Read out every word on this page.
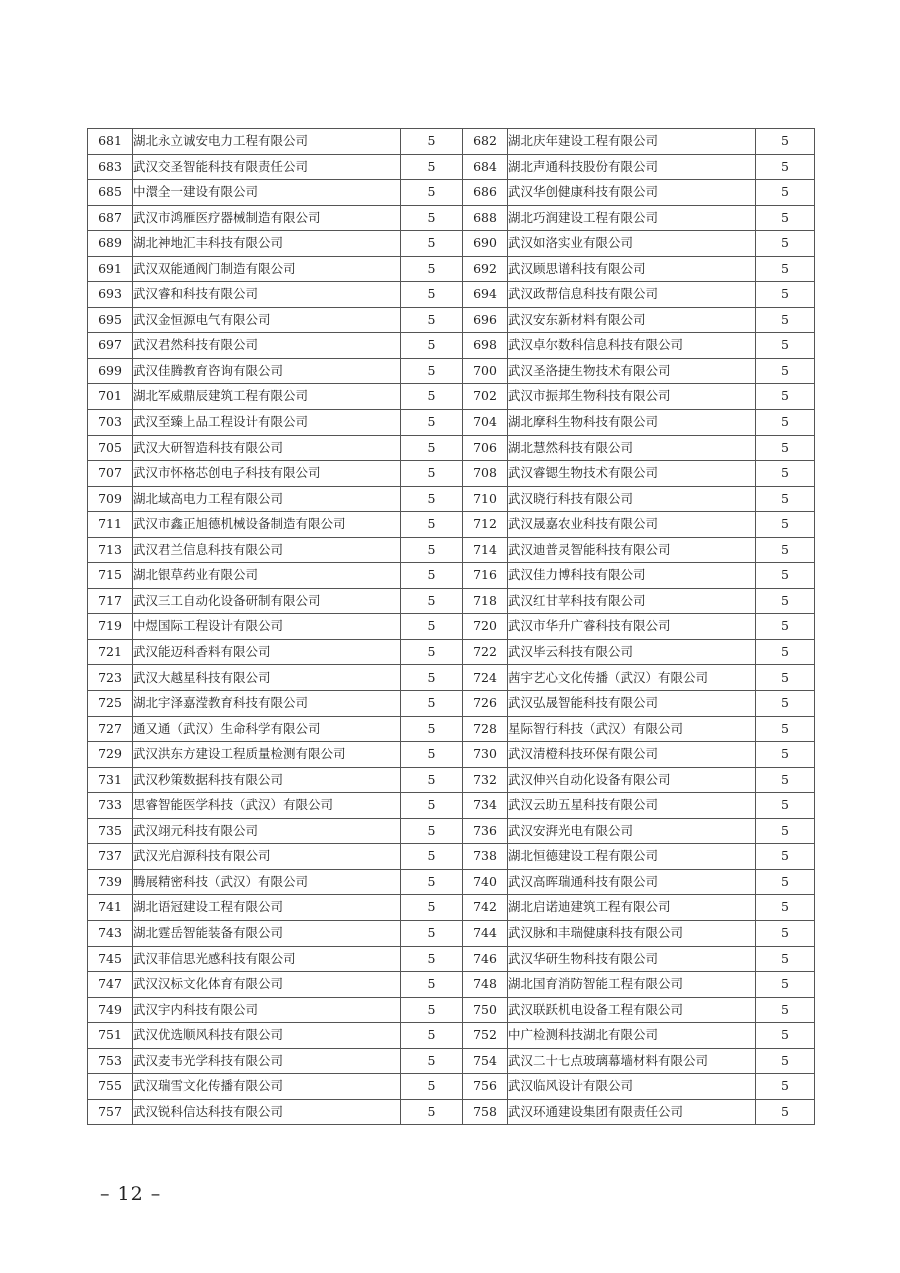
681	湖北永立诚安电力工程有限公司	5	682	湖北庆年建设工程有限公司	5
683	武汉交圣智能科技有限责任公司	5	684	湖北声通科技股份有限公司	5
685	中澴全一建设有限公司	5	686	武汉华创健康科技有限公司	5
687	武汉市鸿雁医疗器械制造有限公司	5	688	湖北巧润建设工程有限公司	5
689	湖北神地汇丰科技有限公司	5	690	武汉如洛实业有限公司	5
691	武汉双能通阀门制造有限公司	5	692	武汉顾思谱科技有限公司	5
693	武汉睿和科技有限公司	5	694	武汉政帮信息科技有限公司	5
695	武汉金恒源电气有限公司	5	696	武汉安东新材料有限公司	5
697	武汉君然科技有限公司	5	698	武汉卓尔数科信息科技有限公司	5
699	武汉佳腾教育咨询有限公司	5	700	武汉圣洛捷生物技术有限公司	5
701	湖北军威鼎辰建筑工程有限公司	5	702	武汉市振邦生物科技有限公司	5
703	武汉至臻上品工程设计有限公司	5	704	湖北摩科生物科技有限公司	5
705	武汉大研智造科技有限公司	5	706	湖北慧然科技有限公司	5
707	武汉市怀格芯创电子科技有限公司	5	708	武汉睿锶生物技术有限公司	5
709	湖北域高电力工程有限公司	5	710	武汉晓行科技有限公司	5
711	武汉市鑫正旭德机械设备制造有限公司	5	712	武汉晟嘉农业科技有限公司	5
713	武汉君兰信息科技有限公司	5	714	武汉迪普灵智能科技有限公司	5
715	湖北银草药业有限公司	5	716	武汉佳力博科技有限公司	5
717	武汉三工自动化设备研制有限公司	5	718	武汉红甘苹科技有限公司	5
719	中煜国际工程设计有限公司	5	720	武汉市华升广睿科技有限公司	5
721	武汉能迈科香料有限公司	5	722	武汉毕云科技有限公司	5
723	武汉大越星科技有限公司	5	724	茜宇艺心文化传播（武汉）有限公司	5
725	湖北宇泽嘉滢教育科技有限公司	5	726	武汉弘晟智能科技有限公司	5
727	通又通（武汉）生命科学有限公司	5	728	星际智行科技（武汉）有限公司	5
729	武汉洪东方建设工程质量检测有限公司	5	730	武汉清橙科技环保有限公司	5
731	武汉秒策数据科技有限公司	5	732	武汉伸兴自动化设备有限公司	5
733	思睿智能医学科技（武汉）有限公司	5	734	武汉云助五星科技有限公司	5
735	武汉翊元科技有限公司	5	736	武汉安湃光电有限公司	5
737	武汉光启源科技有限公司	5	738	湖北恒德建设工程有限公司	5
739	腾展精密科技（武汉）有限公司	5	740	武汉高晖瑞通科技有限公司	5
741	湖北语冠建设工程有限公司	5	742	湖北启诺迪建筑工程有限公司	5
743	湖北霆岳智能装备有限公司	5	744	武汉脉和丰瑞健康科技有限公司	5
745	武汉菲信思光感科技有限公司	5	746	武汉华研生物科技有限公司	5
747	武汉汉标文化体育有限公司	5	748	湖北国育消防智能工程有限公司	5
749	武汉宇内科技有限公司	5	750	武汉联跃机电设备工程有限公司	5
751	武汉优选顺风科技有限公司	5	752	中广检测科技湖北有限公司	5
753	武汉麦韦光学科技有限公司	5	754	武汉二十七点玻璃幕墙材料有限公司	5
755	武汉瑞雪文化传播有限公司	5	756	武汉临风设计有限公司	5
757	武汉锐科信达科技有限公司	5	758	武汉环通建设集团有限责任公司	5
– 12 –
大数跨境
